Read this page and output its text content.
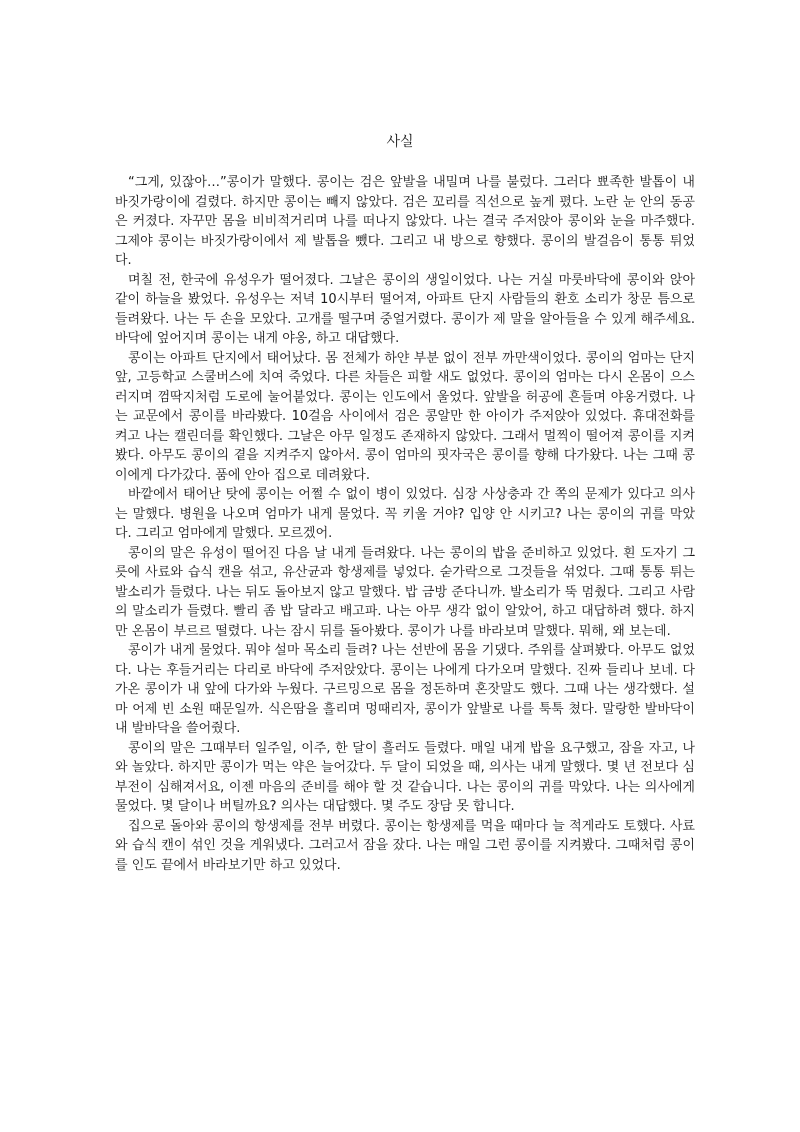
사실

“그게, 있잖아…”콩이가 말했다. 콩이는 검은 앞발을 내밀며 나를 불렀다. 그러다 뾰족한 발톱이 내 바짓가랑이에 걸렸다. 하지만 콩이는 빼지 않았다. 검은 꼬리를 직선으로 높게 폈다. 노란 눈 안의 동공은 커졌다. 자꾸만 몸을 비비적거리며 나를 떠나지 않았다. 나는 결국 주저앉아 콩이와 눈을 마주했다. 그제야 콩이는 바짓가랑이에서 제 발톱을 뺐다. 그리고 내 방으로 향했다. 콩이의 발걸음이 통통 튀었다.

며칠 전, 한국에 유성우가 떨어졌다. 그날은 콩이의 생일이었다. 나는 거실 마룻바닥에 콩이와 앉아 같이 하늘을 봤었다. 유성우는 저녁 10시부터 떨어져, 아파트 단지 사람들의 환호 소리가 창문 틈으로 들려왔다. 나는 두 손을 모았다. 고개를 떨구며 중얼거렸다. 콩이가 제 말을 알아들을 수 있게 해주세요. 바닥에 엎어지며 콩이는 내게 야옹, 하고 대답했다.

콩이는 아파트 단지에서 태어났다. 몸 전체가 하얀 부분 없이 전부 까만색이었다. 콩이의 엄마는 단지 앞, 고등학교 스쿨버스에 치여 죽었다. 다른 차들은 피할 새도 없었다. 콩이의 엄마는 다시 온몸이 으스러지며 껌딱지처럼 도로에 눌어붙었다. 콩이는 인도에서 울었다. 앞발을 허공에 흔들며 야옹거렸다. 나는 교문에서 콩이를 바라봤다. 10걸음 사이에서 검은 콩알만 한 아이가 주저앉아 있었다. 휴대전화를 켜고 나는 캘린더를 확인했다. 그날은 아무 일정도 존재하지 않았다. 그래서 멀찍이 떨어져 콩이를 지켜봤다. 아무도 콩이의 곁을 지켜주지 않아서. 콩이 엄마의 핏자국은 콩이를 향해 다가왔다. 나는 그때 콩이에게 다가갔다. 품에 안아 집으로 데려왔다.

바깥에서 태어난 탓에 콩이는 어쩔 수 없이 병이 있었다. 심장 사상충과 간 쪽의 문제가 있다고 의사는 말했다. 병원을 나오며 엄마가 내게 물었다. 꼭 키울 거야? 입양 안 시키고? 나는 콩이의 귀를 막았다. 그리고 엄마에게 말했다. 모르겠어.

콩이의 말은 유성이 떨어진 다음 날 내게 들려왔다. 나는 콩이의 밥을 준비하고 있었다. 흰 도자기 그릇에 사료와 습식 캔을 섞고, 유산균과 항생제를 넣었다. 숟가락으로 그것들을 섞었다. 그때 통통 튀는 발소리가 들렸다. 나는 뒤도 돌아보지 않고 말했다. 밥 금방 준다니까. 발소리가 뚝 멈췄다. 그리고 사람의 말소리가 들렸다. 빨리 좀 밥 달라고 배고파. 나는 아무 생각 없이 알았어, 하고 대답하려 했다. 하지만 온몸이 부르르 떨렸다. 나는 잠시 뒤를 돌아봤다. 콩이가 나를 바라보며 말했다. 뭐해, 왜 보는데.

콩이가 내게 물었다. 뭐야 설마 목소리 들려? 나는 선반에 몸을 기댔다. 주위를 살펴봤다. 아무도 없었다. 나는 후들거리는 다리로 바닥에 주저앉았다. 콩이는 나에게 다가오며 말했다. 진짜 들리나 보네. 다가온 콩이가 내 앞에 다가와 누웠다. 구르밍으로 몸을 정돈하며 혼잣말도 했다. 그때 나는 생각했다. 설마 어제 빈 소원 때문일까. 식은땀을 흘리며 멍때리자, 콩이가 앞발로 나를 툭툭 쳤다. 말랑한 발바닥이 내 발바닥을 쓸어줬다.

콩이의 말은 그때부터 일주일, 이주, 한 달이 흘러도 들렸다. 매일 내게 밥을 요구했고, 잠을 자고, 나와 놀았다. 하지만 콩이가 먹는 약은 늘어갔다. 두 달이 되었을 때, 의사는 내게 말했다. 몇 년 전보다 심부전이 심해져서요, 이젠 마음의 준비를 해야 할 것 같습니다. 나는 콩이의 귀를 막았다. 나는 의사에게 물었다. 몇 달이나 버틸까요? 의사는 대답했다. 몇 주도 장담 못 합니다.

집으로 돌아와 콩이의 항생제를 전부 버렸다. 콩이는 항생제를 먹을 때마다 늘 적게라도 토했다. 사료와 습식 캔이 섞인 것을 게워냈다. 그러고서 잠을 잤다. 나는 매일 그런 콩이를 지켜봤다. 그때처럼 콩이를 인도 끝에서 바라보기만 하고 있었다.
